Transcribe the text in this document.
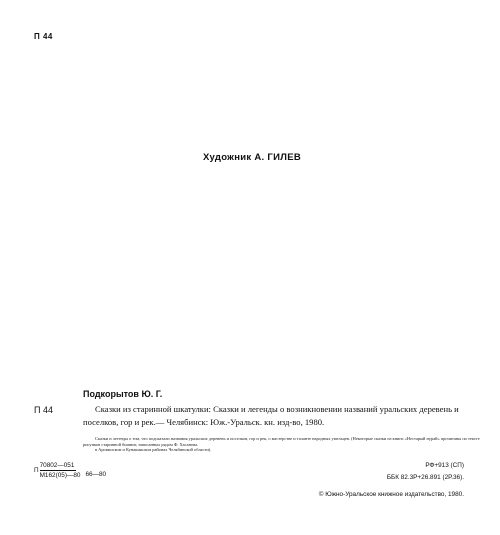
П 44
Художник А. ГИЛЕВ
Подкорытов Ю. Г.
П 44	Сказки из старинной шкатулки: Сказки и легенды о возникновении названий уральских деревень и поселков, гор и рек.— Челябинск: Юж.-Уральск. кн. изд-во, 1980.

Сказки и легенды о том, что подсказали названия уральских деревень и поселков, гор и рек, о мастерстве и таланте народных умельцев. (Некоторые сказки из книги «Нестарый нурай» прочитаны по тексте рисунков старинной бишниг, записанных рядом Ф. Хасанова.

в Аргаяшском и Кунашакском районах Челябинской области).

П $\frac{70802—051}{М162(05)—80}$ 66—80
РФ+913 (СП)
ББК 82.3Р+26.891 (2Р.36).
© Южно-Уральское книжное издательство, 1980.
